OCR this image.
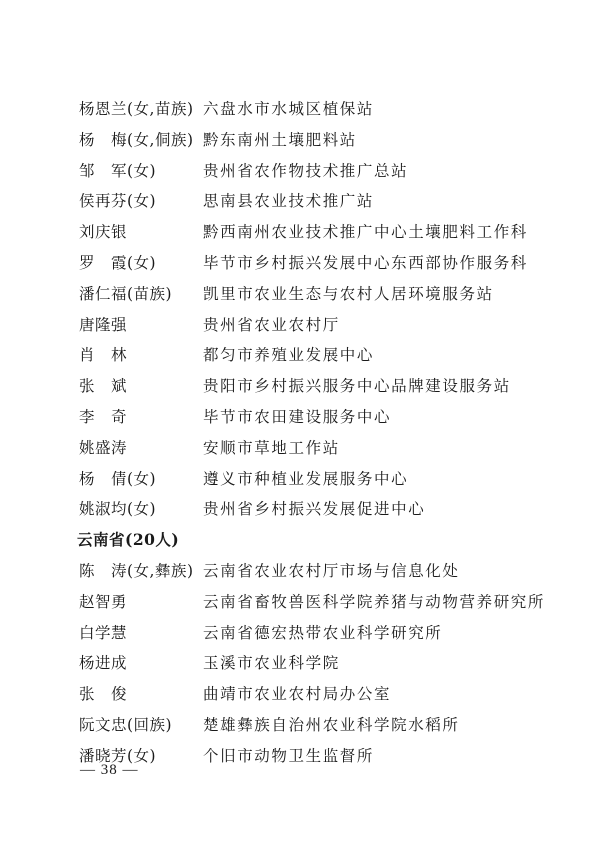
杨恩兰(女,苗族) 六盘水市水城区植保站
杨　梅(女,侗族) 黔东南州土壤肥料站
邹　军(女)	贵州省农作物技术推广总站
侯再芬(女)	思南县农业技术推广站
刘庆银	黔西南州农业技术推广中心土壤肥料工作科
罗　霞(女)	毕节市乡村振兴发展中心东西部协作服务科
潘仁福(苗族) 凯里市农业生态与农村人居环境服务站
唐隆强	贵州省农业农村厅
肖　林	都匀市养殖业发展中心
张　斌	贵阳市乡村振兴服务中心品牌建设服务站
李　奇	毕节市农田建设服务中心
姚盛涛	安顺市草地工作站
杨　倩(女)	遵义市种植业发展服务中心
姚淑均(女)	贵州省乡村振兴发展促进中心
云南省(20人)
陈　涛(女,彝族) 云南省农业农村厅市场与信息化处
赵智勇	云南省畜牧兽医科学院养猪与动物营养研究所
白学慧	云南省德宏热带农业科学研究所
杨进成	玉溪市农业科学院
张　俊	曲靖市农业农村局办公室
阮文忠(回族) 楚雄彝族自治州农业科学院水稻所
潘晓芳(女)	个旧市动物卫生监督所
— 38 —
